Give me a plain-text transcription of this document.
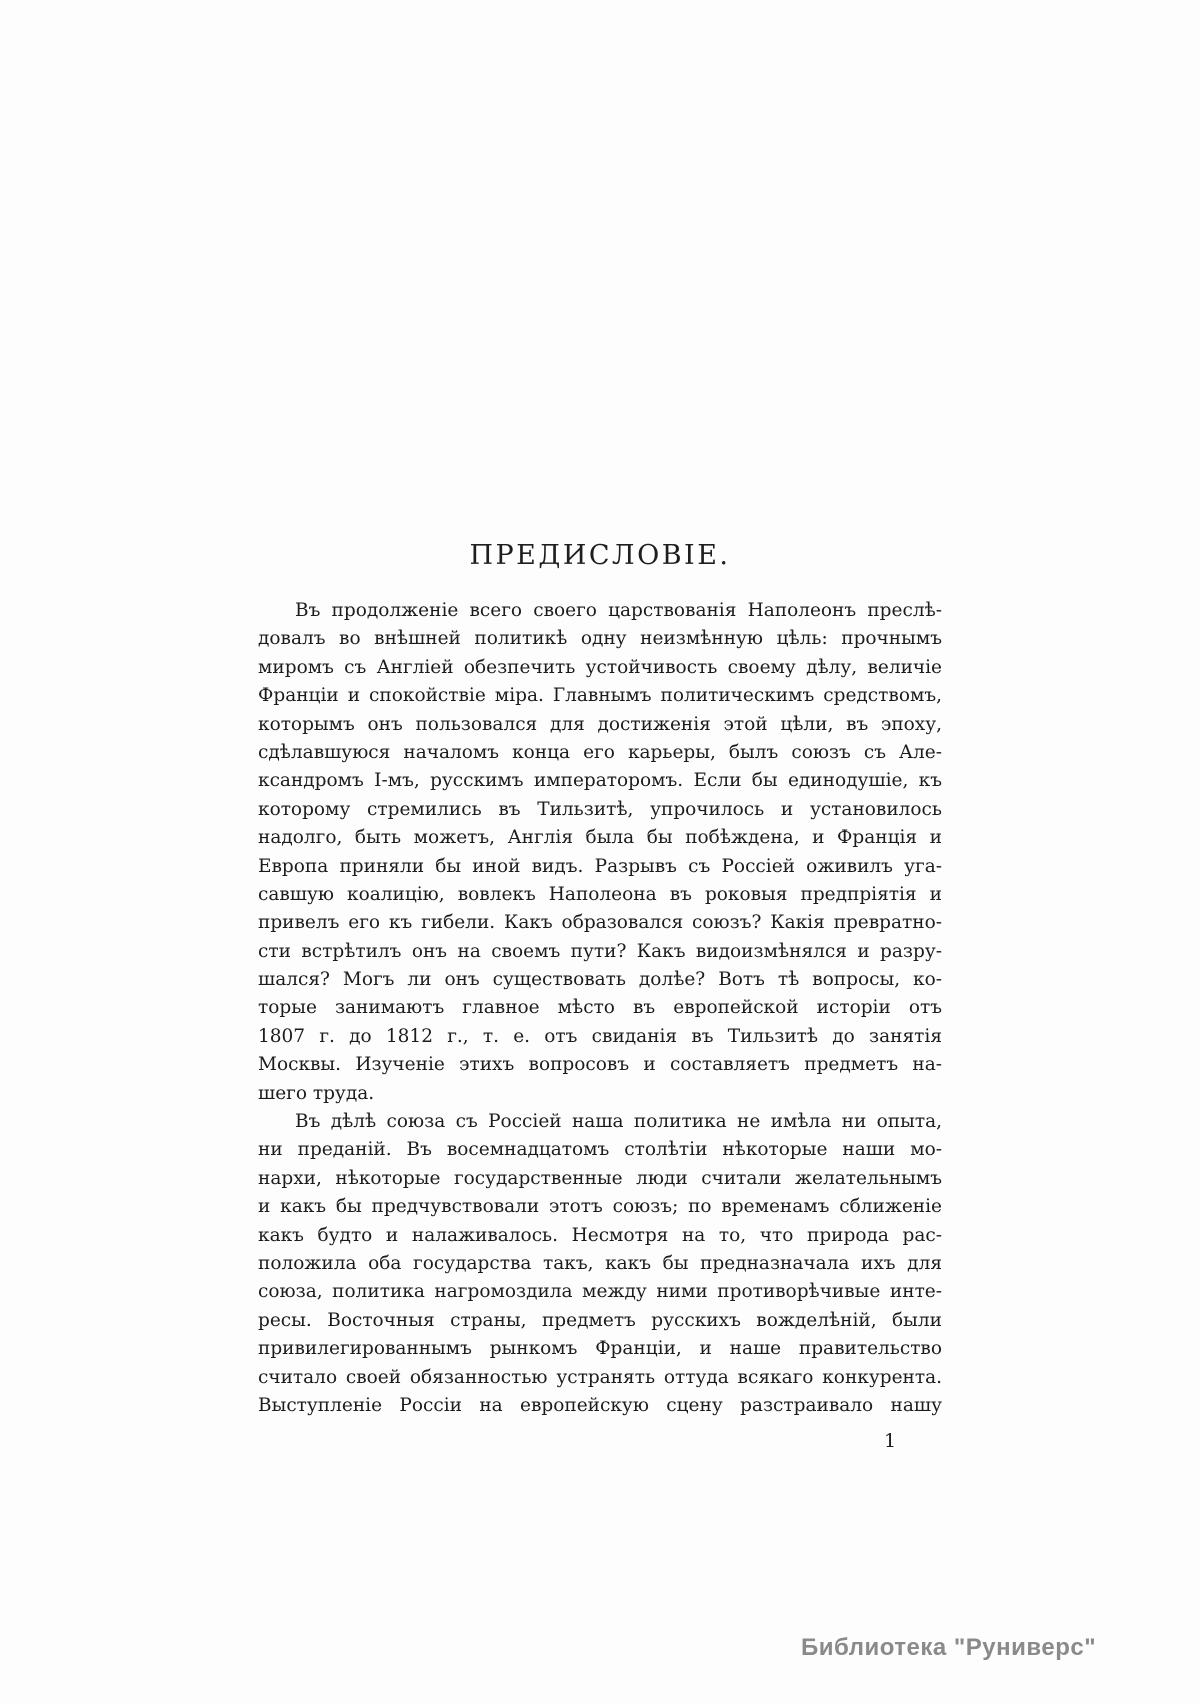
ПРЕДИСЛОВІЕ.
Въ продолженіе всего своего царствованія Наполеонъ преслѣ-
довалъ во внѣшней политикѣ одну неизмѣнную цѣль: прочнымъ
миромъ съ Англіей обезпечить устойчивость своему дѣлу, величіе
Франціи и спокойствіе міра. Главнымъ политическимъ средствомъ,
которымъ онъ пользовался для достиженія этой цѣли, въ эпоху,
сдѣлавшуюся началомъ конца его карьеры, былъ союзъ съ Але-
ксандромъ I-мъ, русскимъ императоромъ. Если бы единодушіе, къ
которому стремились въ Тильзитѣ, упрочилось и установилось
надолго, быть можетъ, Англія была бы побѣждена, и Франція и
Европа приняли бы иной видъ. Разрывъ съ Россіей оживилъ уга-
савшую коалицію, вовлекъ Наполеона въ роковыя предпріятія и
привелъ его къ гибели. Какъ образовался союзъ? Какія превратно-
сти встрѣтилъ онъ на своемъ пути? Какъ видоизмѣнялся и разру-
шался? Могъ ли онъ существовать долѣе? Вотъ тѣ вопросы, ко-
торые занимаютъ главное мѣсто въ европейской исторіи отъ
1807 г. до 1812 г., т. е. отъ свиданія въ Тильзитѣ до занятія
Москвы. Изученіе этихъ вопросовъ и составляетъ предметъ на-
шего труда.
Въ дѣлѣ союза съ Россіей наша политика не имѣла ни опыта,
ни преданій. Въ восемнадцатомъ столѣтіи нѣкоторые наши мо-
нархи, нѣкоторые государственные люди считали желательнымъ
и какъ бы предчувствовали этотъ союзъ; по временамъ сближеніе
какъ будто и налаживалось. Несмотря на то, что природа рас-
положила оба государства такъ, какъ бы предназначала ихъ для
союза, политика нагромоздила между ними противорѣчивые инте-
ресы. Восточныя страны, предметъ русскихъ вожделѣній, были
привилегированнымъ рынкомъ Франціи, и наше правительство
считало своей обязанностью устранять оттуда всякаго конкурента.
Выступленіе Россіи на европейскую сцену разстраивало нашу
1
Библиотека "Руниверс"
